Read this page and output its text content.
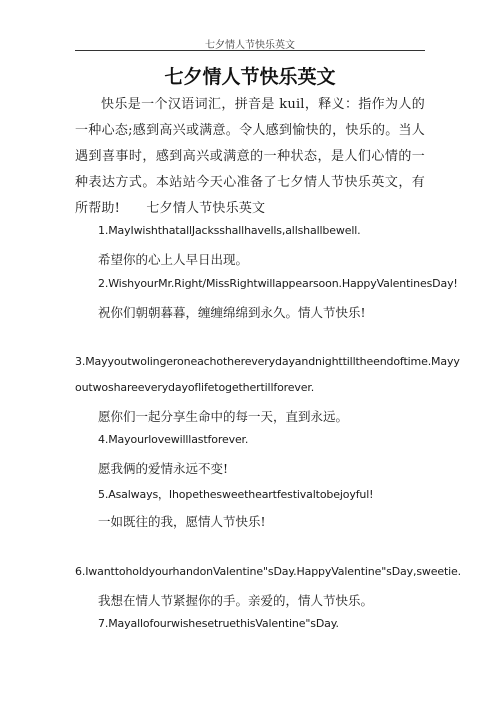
七夕情人节快乐英文
七夕情人节快乐英文

快乐是一个汉语词汇，拼音是 kuil，释义：指作为人的一种心态;感到高兴或满意。令人感到愉快的，快乐的。当人遇到喜事时，感到高兴或满意的一种状态，是人们心情的一种表达方式。本站站今天心准备了七夕情人节快乐英文，有所帮助!　　七夕情人节快乐英文

1.MayIwishthatallJacksshallhavells,allshallbewell.

希望你的心上人早日出现。

2.WishyourMr.Right/MissRightwillappearsoon.HappyValentinesDay!

祝你们朝朝暮暮，缠缠绵绵到永久。情人节快乐!

3.Mayyoutwolingeroneachothereverydayandnighttilltheendoftime.Mayy

outwoshareeverydayoflifetogethertillforever.

愿你们一起分享生命中的每一天，直到永远。

4.Mayourlovewilllastforever.

愿我俩的爱情永远不变!

5.Asalways，Ihopethesweetheartfestivaltobejoyful!

一如既往的我，愿情人节快乐!

6.IwanttoholdyourhandonValentine"sDay.HappyValentine"sDay,sweetie.

我想在情人节紧握你的手。亲爱的，情人节快乐。

7.MayallofourwishesetruethisValentine"sDay.
